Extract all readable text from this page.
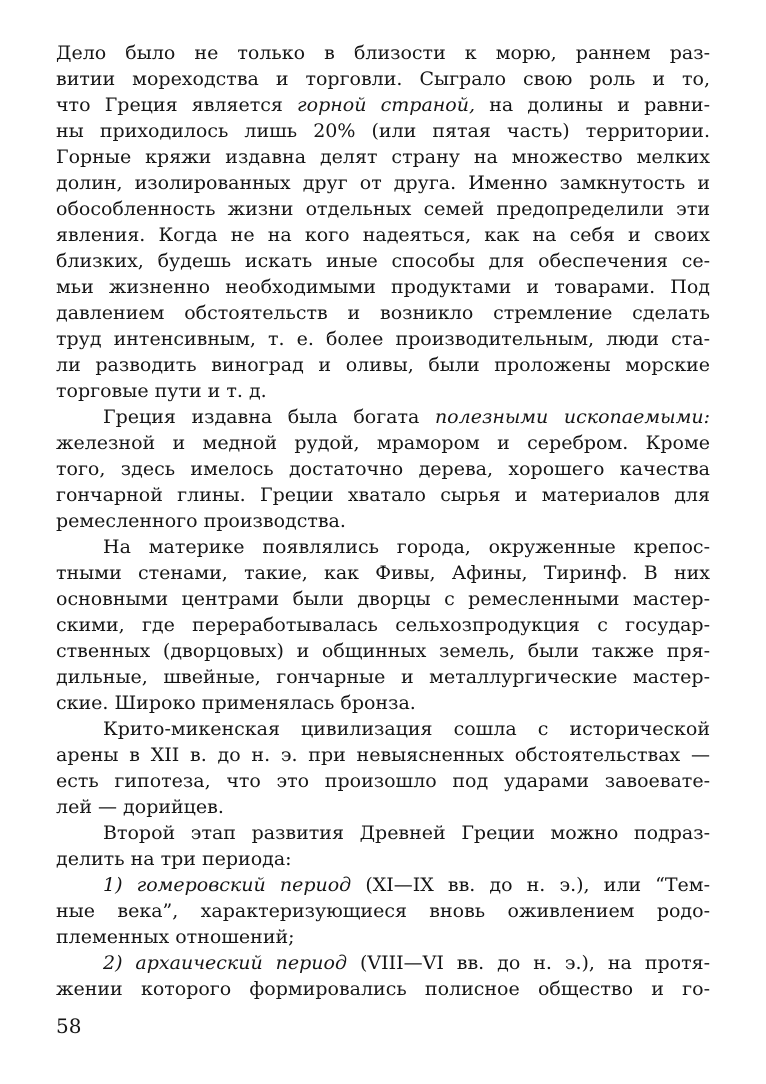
Дело было не только в близости к морю, раннем раз-
витии мореходства и торговли. Сыграло свою роль и то,
что Греция является горной страной, на долины и равни-
ны приходилось лишь 20% (или пятая часть) территории.
Горные кряжи издавна делят страну на множество мелких
долин, изолированных друг от друга. Именно замкнутость и
обособленность жизни отдельных семей предопределили эти
явления. Когда не на кого надеяться, как на себя и своих
близких, будешь искать иные способы для обеспечения се-
мьи жизненно необходимыми продуктами и товарами. Под
давлением обстоятельств и возникло стремление сделать
труд интенсивным, т. е. более производительным, люди ста-
ли разводить виноград и оливы, были проложены морские
торговые пути и т. д.
Греция издавна была богата полезными ископаемыми:
железной и медной рудой, мрамором и серебром. Кроме
того, здесь имелось достаточно дерева, хорошего качества
гончарной глины. Греции хватало сырья и материалов для
ремесленного производства.
На материке появлялись города, окруженные крепос-
тными стенами, такие, как Фивы, Афины, Тиринф. В них
основными центрами были дворцы с ремесленными мастер-
скими, где переработывалась сельхозпродукция с государ-
ственных (дворцовых) и общинных земель, были также пря-
дильные, швейные, гончарные и металлургические мастер-
ские. Широко применялась бронза.
Крито-микенская цивилизация сошла с исторической
арены в XII в. до н. э. при невыясненных обстоятельствах —
есть гипотеза, что это произошло под ударами завоевате-
лей — дорийцев.
Второй этап развития Древней Греции можно подраз-
делить на три периода:
1) гомеровский период (XI—IX вв. до н. э.), или “Тем-
ные века”, характеризующиеся вновь оживлением родо-
племенных отношений;
2) архаический период (VIII—VI вв. до н. э.), на протя-
жении которого формировались полисное общество и го-
58
